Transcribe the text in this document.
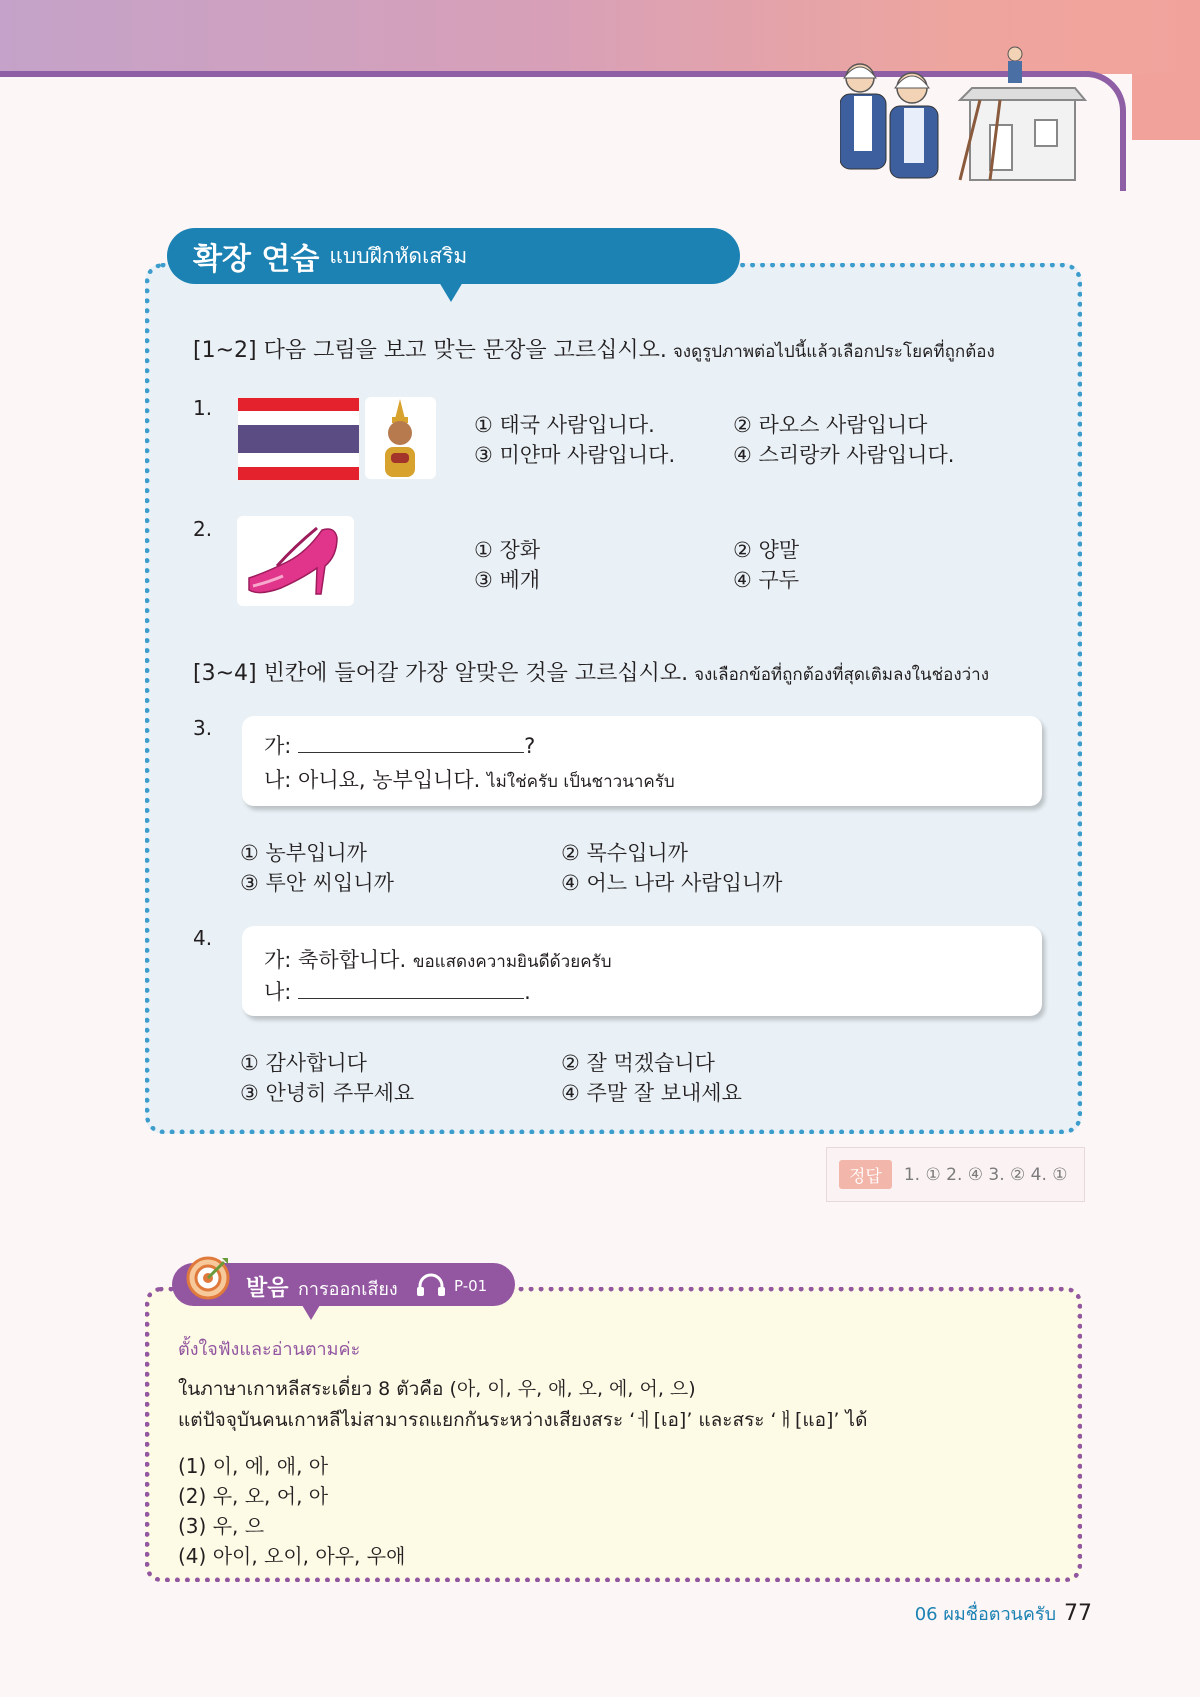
확장 연습 แบบฝึกหัดเสริม
[1~2] 다음 그림을 보고 맞는 문장을 고르십시오. จงดูรูปภาพต่อไปนี้แล้วเลือกประโยคที่ถูกต้อง
1.
① 태국 사람입니다.	② 라오스 사람입니다
③ 미얀마 사람입니다.	④ 스리랑카 사람입니다.
2.
① 장화	② 양말
③ 베개	④ 구두
[3~4] 빈칸에 들어갈 가장 알맞은 것을 고르십시오. จงเลือกข้อที่ถูกต้องที่สุดเติมลงในช่องว่าง
3.
가:	?
나: 아니요, 농부입니다. ไม่ใช่ครับ เป็นชาวนาครับ
① 농부입니까	② 목수입니까
③ 투안 씨입니까	④ 어느 나라 사람입니까
4.
가: 축하합니다. ขอแสดงความยินดีด้วยครับ
나:	.
① 감사합니다	② 잘 먹겠습니다
③ 안녕히 주무세요	④ 주말 잘 보내세요
정답	1. ① 2. ④ 3. ② 4. ①
발음 การออกเสียง	P-01
ตั้งใจฟังและอ่านตามค่ะ
ในภาษาเกาหลีสระเดี่ยว 8 ตัวคือ (아, 이, 우, 애, 오, 에, 어, 으)
แต่ปัจจุบันคนเกาหลีไม่สามารถแยกกันระหว่างเสียงสระ ‘ㅔ[เอ]’ และสระ ‘ㅐ[แอ]’ ได้
(1) 이, 에, 애, 아
(2) 우, 오, 어, 아
(3) 우, 으
(4) 아이, 오이, 아우, 우애
06 ผมชื่อตวนครับ 77
